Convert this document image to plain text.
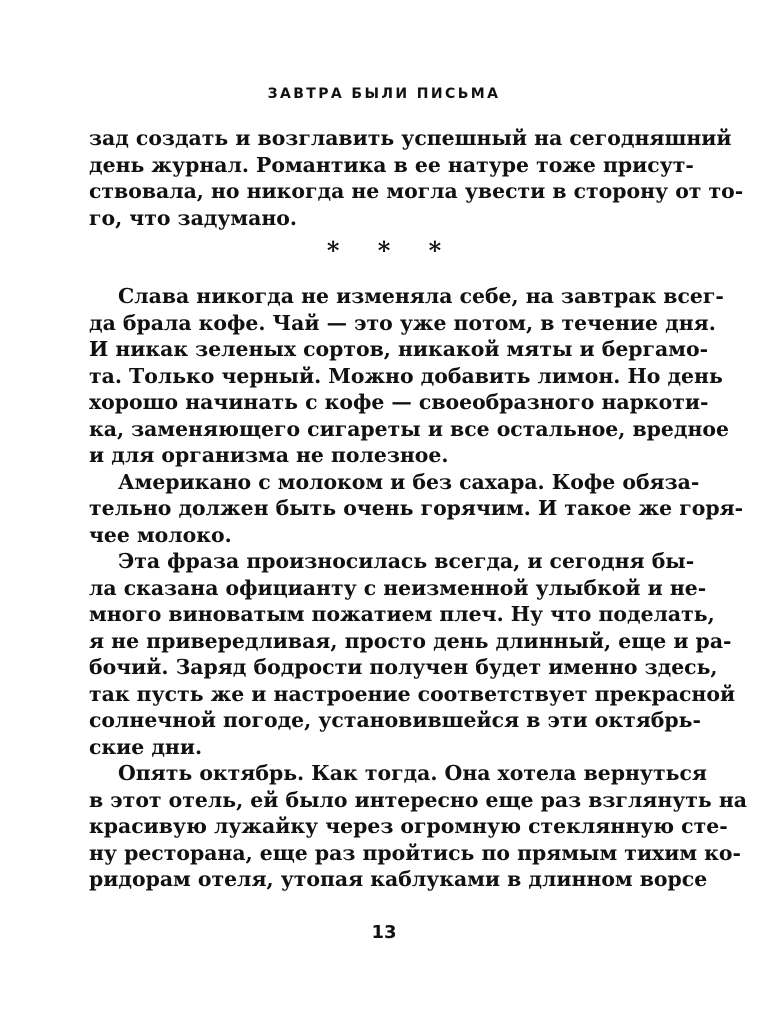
ЗАВТРА БЫЛИ ПИСЬМА
зад создать и возглавить успешный на сегодняшний
день журнал. Романтика в ее натуре тоже присут-
ствовала, но никогда не могла увести в сторону от то-
го, что задумано.
* * *
Слава никогда не изменяла себе, на завтрак всег-
да брала кофе. Чай — это уже потом, в течение дня.
И никак зеленых сортов, никакой мяты и бергамо-
та. Только черный. Можно добавить лимон. Но день
хорошо начинать с кофе — своеобразного наркоти-
ка, заменяющего сигареты и все остальное, вредное
и для организма не полезное.
Американо с молоком и без сахара. Кофе обяза-
тельно должен быть очень горячим. И такое же горя-
чее молоко.
Эта фраза произносилась всегда, и сегодня бы-
ла сказана официанту с неизменной улыбкой и не-
много виноватым пожатием плеч. Ну что поделать,
я не привередливая, просто день длинный, еще и ра-
бочий. Заряд бодрости получен будет именно здесь,
так пусть же и настроение соответствует прекрасной
солнечной погоде, установившейся в эти октябрь-
ские дни.
Опять октябрь. Как тогда. Она хотела вернуться
в этот отель, ей было интересно еще раз взглянуть на
красивую лужайку через огромную стеклянную сте-
ну ресторана, еще раз пройтись по прямым тихим ко-
ридорам отеля, утопая каблуками в длинном ворсе
13
